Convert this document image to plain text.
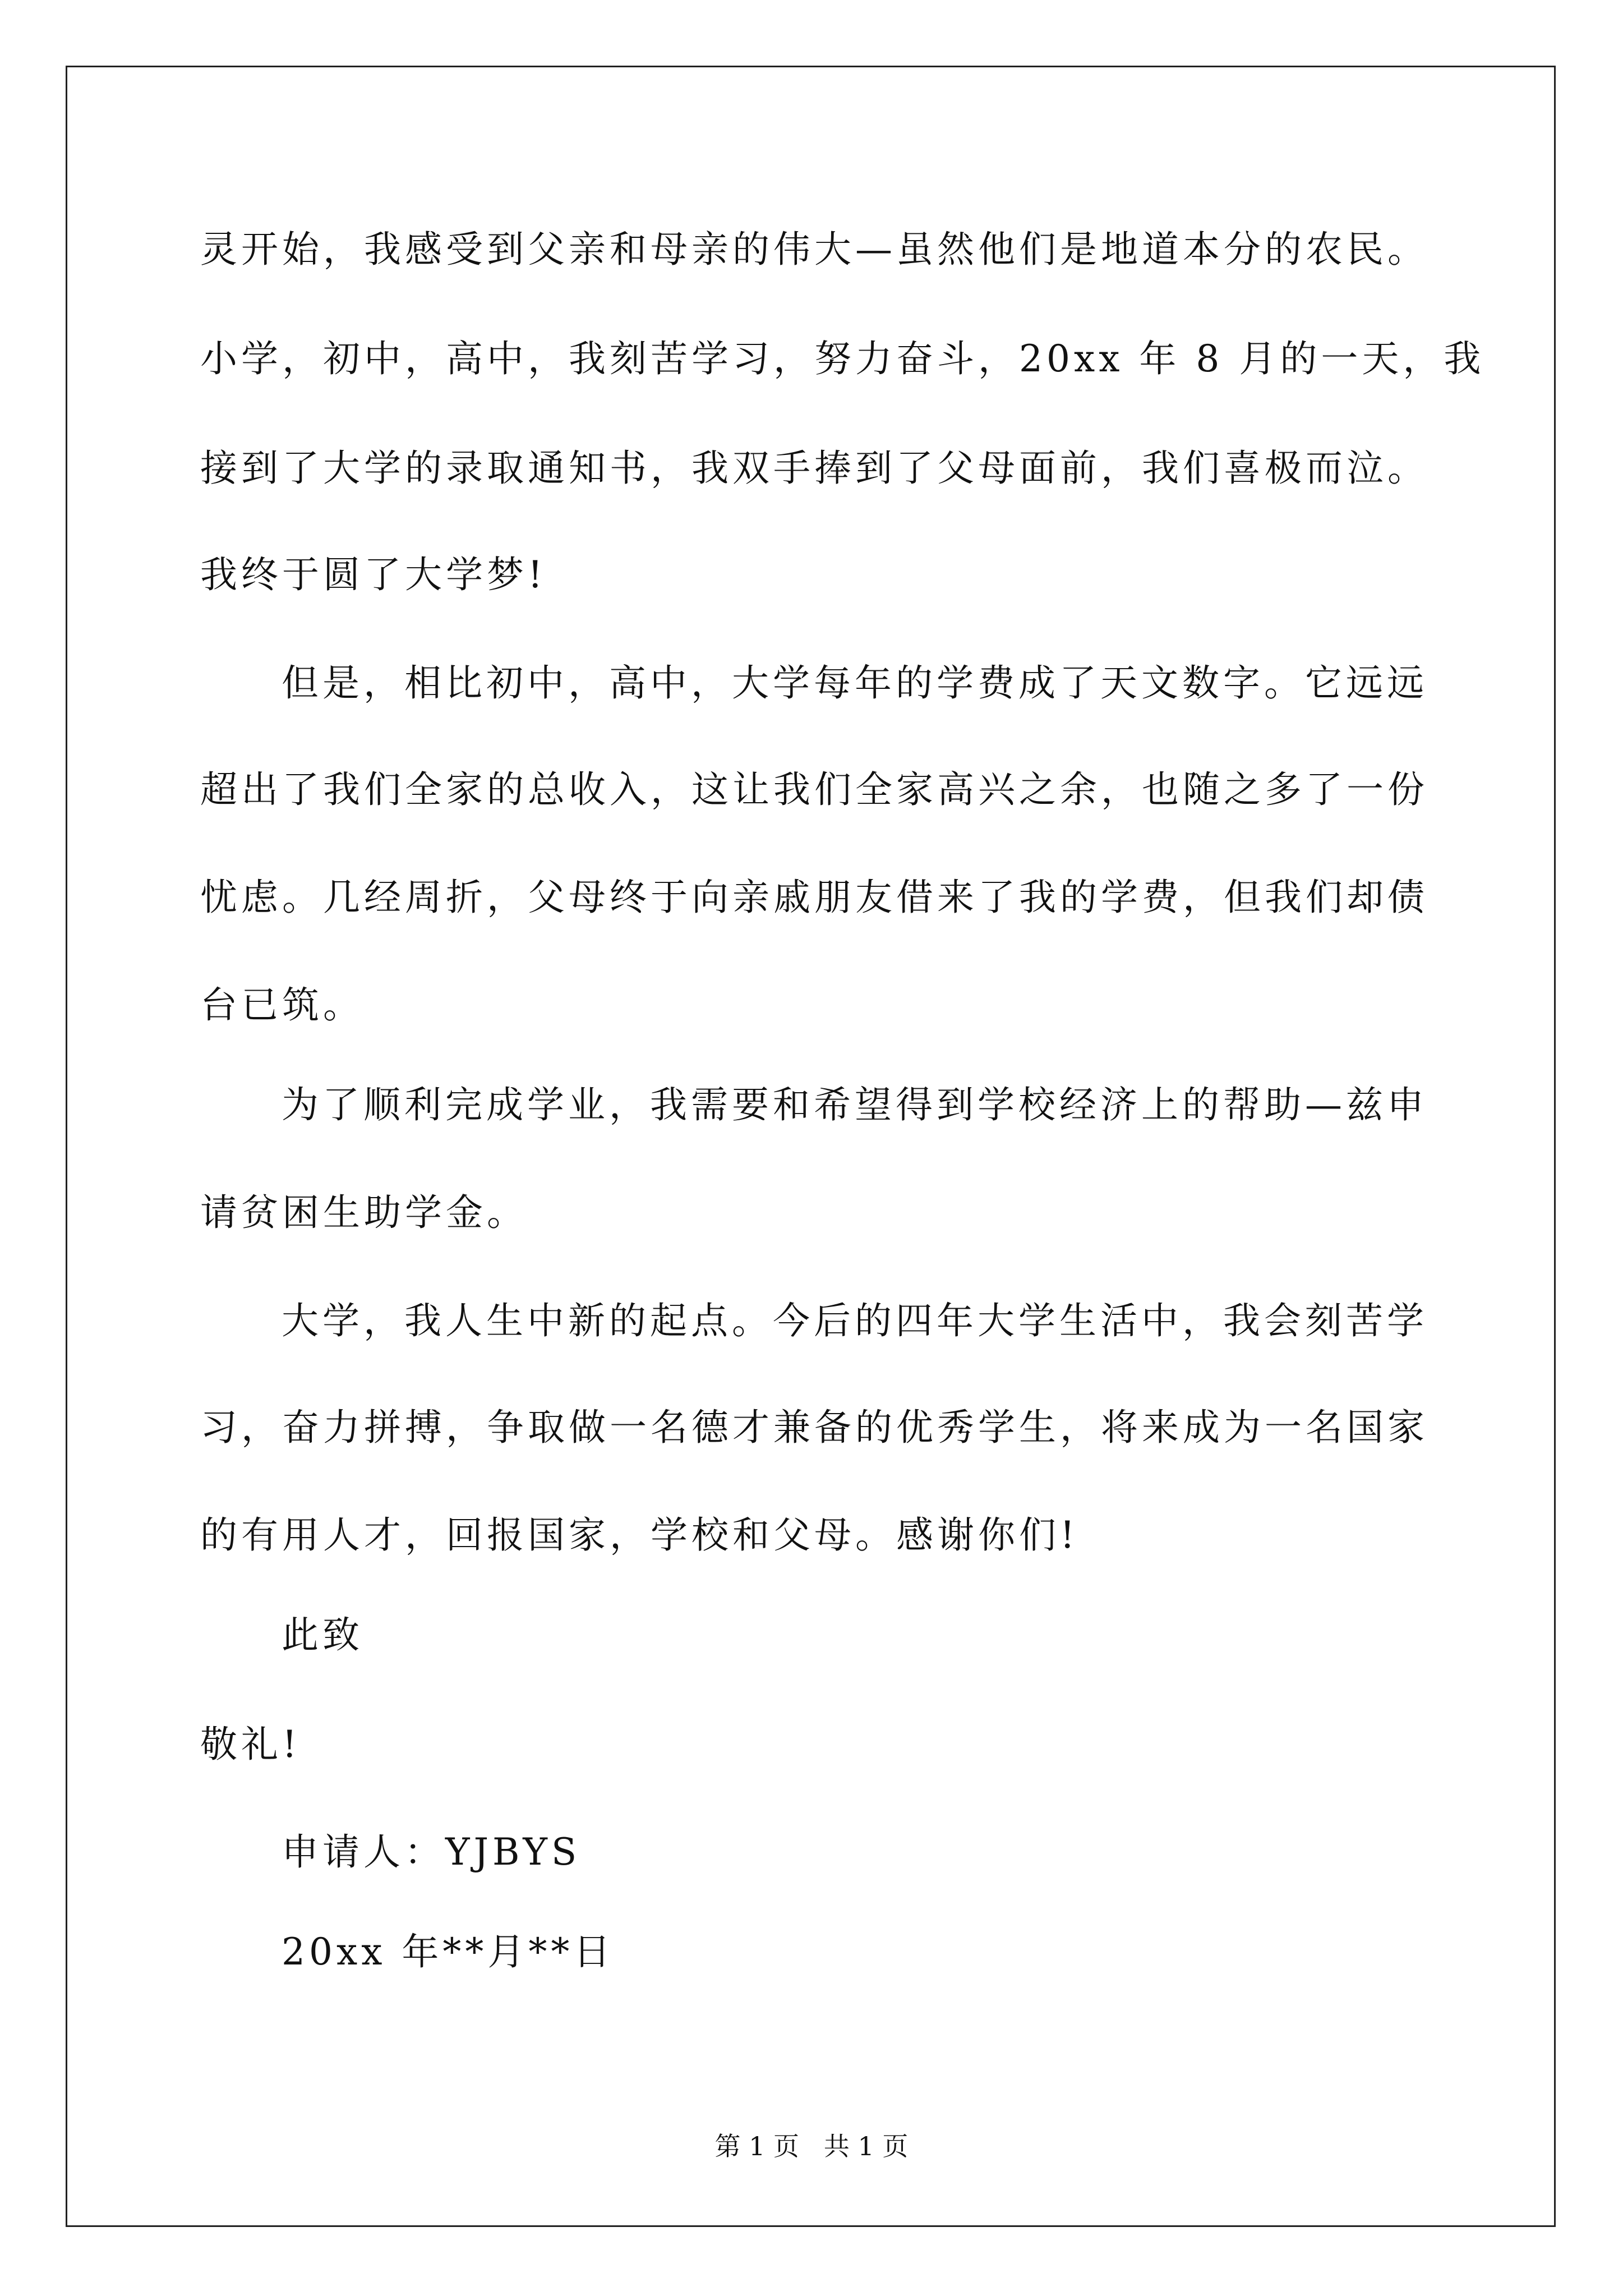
灵开始，我感受到父亲和母亲的伟大—虽然他们是地道本分的农民。
小学，初中，高中，我刻苦学习，努力奋斗，20xx 年 8 月的一天，我
接到了大学的录取通知书，我双手捧到了父母面前，我们喜极而泣。
我终于圆了大学梦!
但是，相比初中，高中，大学每年的学费成了天文数字。它远远
超出了我们全家的总收入，这让我们全家高兴之余，也随之多了一份
忧虑。几经周折，父母终于向亲戚朋友借来了我的学费，但我们却债
台已筑。
为了顺利完成学业，我需要和希望得到学校经济上的帮助—兹申
请贫困生助学金。
大学，我人生中新的起点。今后的四年大学生活中，我会刻苦学
习，奋力拼搏，争取做一名德才兼备的优秀学生，将来成为一名国家
的有用人才，回报国家，学校和父母。感谢你们!
此致
敬礼!
申请人：YJBYS
20xx 年**月**日
第 1 页   共 1 页
